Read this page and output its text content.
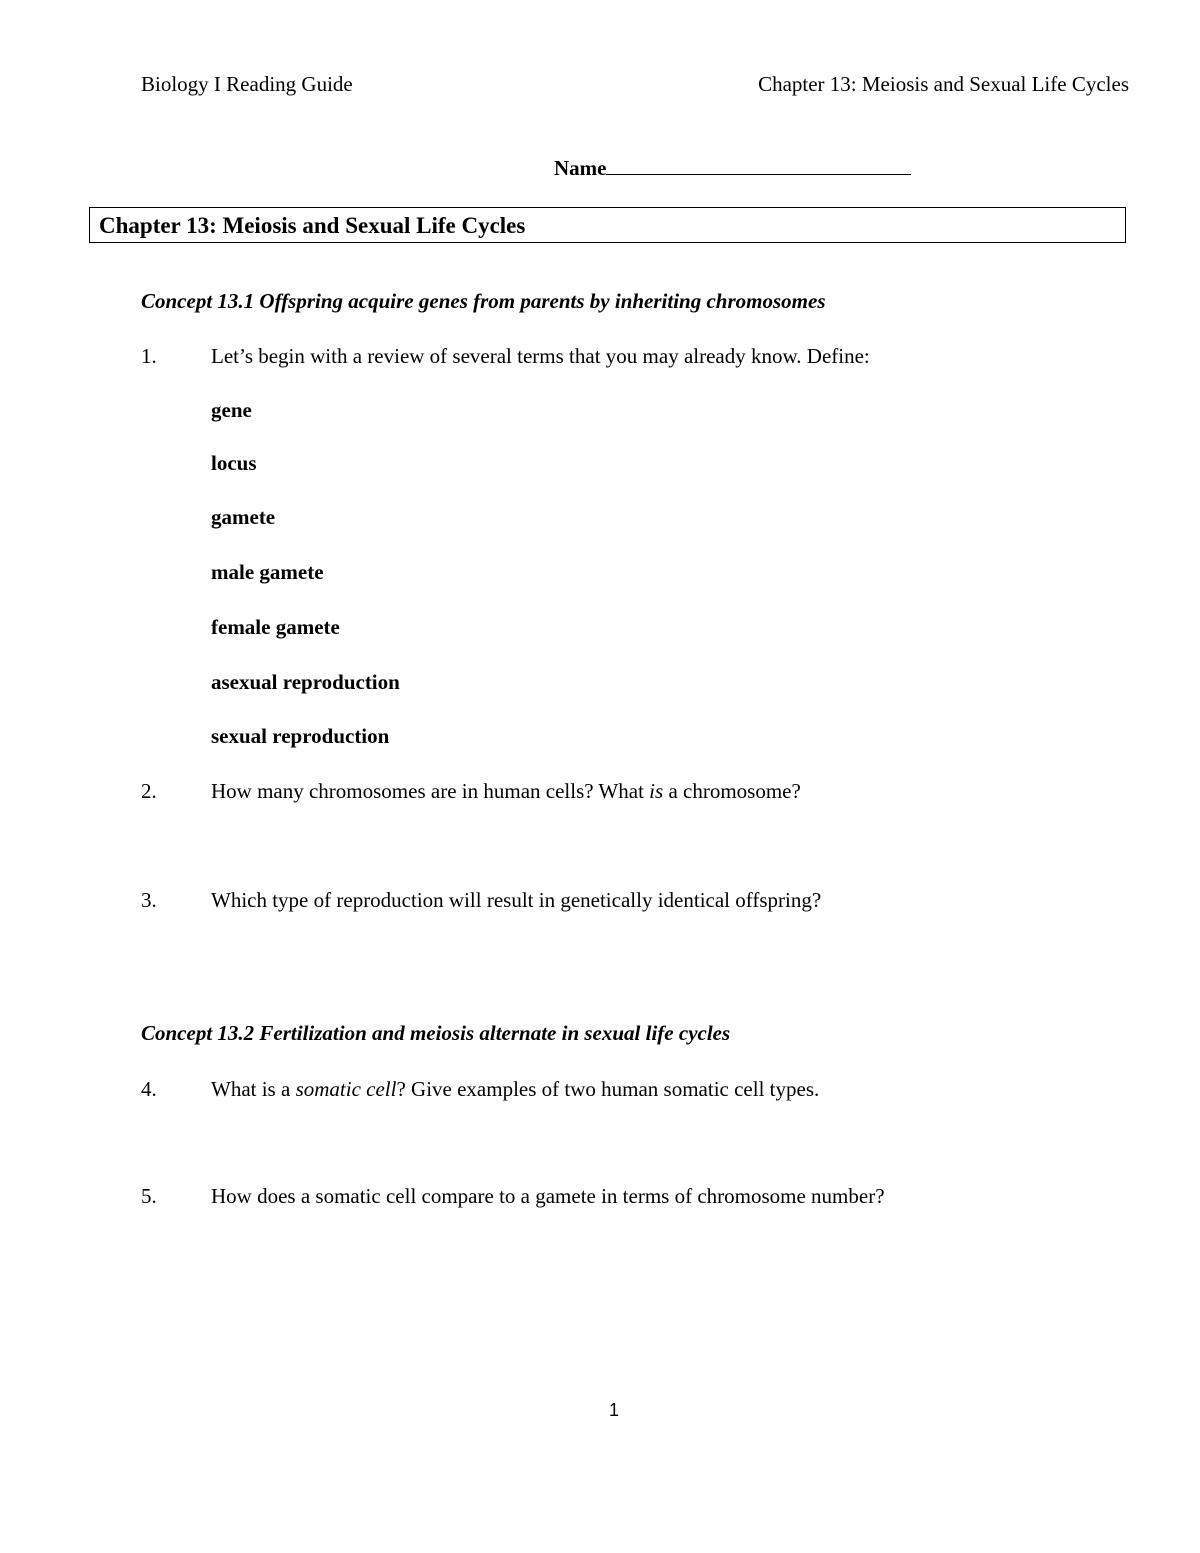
Biology I Reading Guide	Chapter 13: Meiosis and Sexual Life Cycles
Name
Chapter 13: Meiosis and Sexual Life Cycles
Concept 13.1 Offspring acquire genes from parents by inheriting chromosomes
1.	Let’s begin with a review of several terms that you may already know. Define:
gene
locus
gamete
male gamete
female gamete
asexual reproduction
sexual reproduction
2.	How many chromosomes are in human cells? What is a chromosome?
3.	Which type of reproduction will result in genetically identical offspring?
Concept 13.2 Fertilization and meiosis alternate in sexual life cycles
4.	What is a somatic cell? Give examples of two human somatic cell types.
5.	How does a somatic cell compare to a gamete in terms of chromosome number?
1
